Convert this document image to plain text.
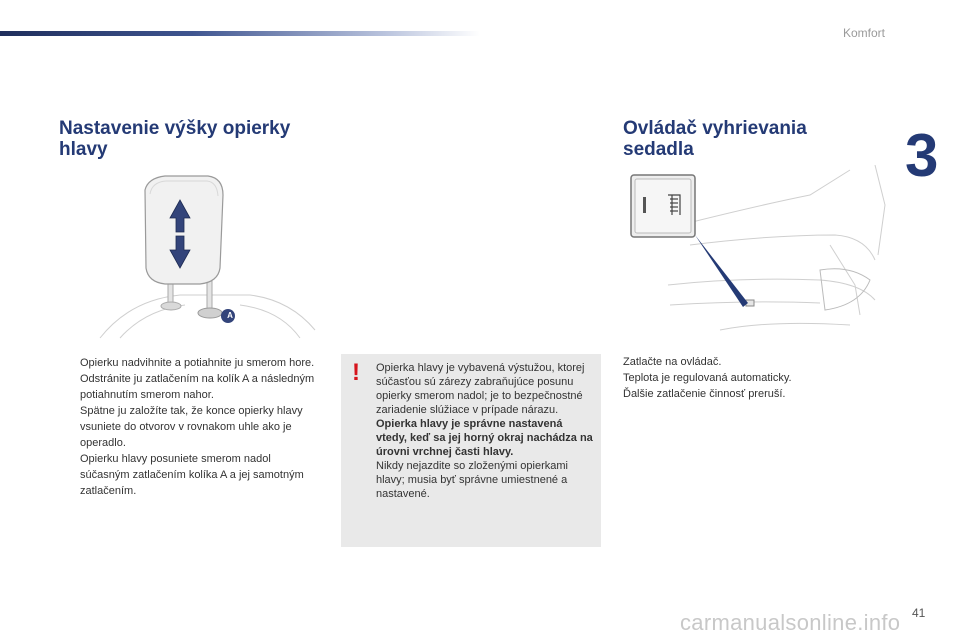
Komfort
3
Nastavenie výšky opierky hlavy
Ovládač vyhrievania sedadla
A
Opierku nadvihnite a potiahnite ju smerom hore.
Odstránite ju zatlačením na kolík A a následným potiahnutím smerom nahor.
Spätne ju založíte tak, že konce opierky hlavy vsuniete do otvorov v rovnakom uhle ako je operadlo.
Opierku hlavy posuniete smerom nadol súčasným zatlačením kolíka A a jej samotným zatlačením.
! Opierka hlavy je vybavená výstužou, ktorej súčasťou sú zárezy zabraňujúce posunu opierky smerom nadol; je to bezpečnostné zariadenie slúžiace v prípade nárazu.

Opierka hlavy je správne nastavená vtedy, keď sa jej horný okraj nachádza na úrovni vrchnej časti hlavy.

Nikdy nejazdite so zloženými opierkami hlavy; musia byť správne umiestnené a nastavené.

Zatlačte na ovládač.

Teplota je regulovaná automaticky.

Ďalšie zatlačenie činnosť preruší.

carmanualsonline.info 41
